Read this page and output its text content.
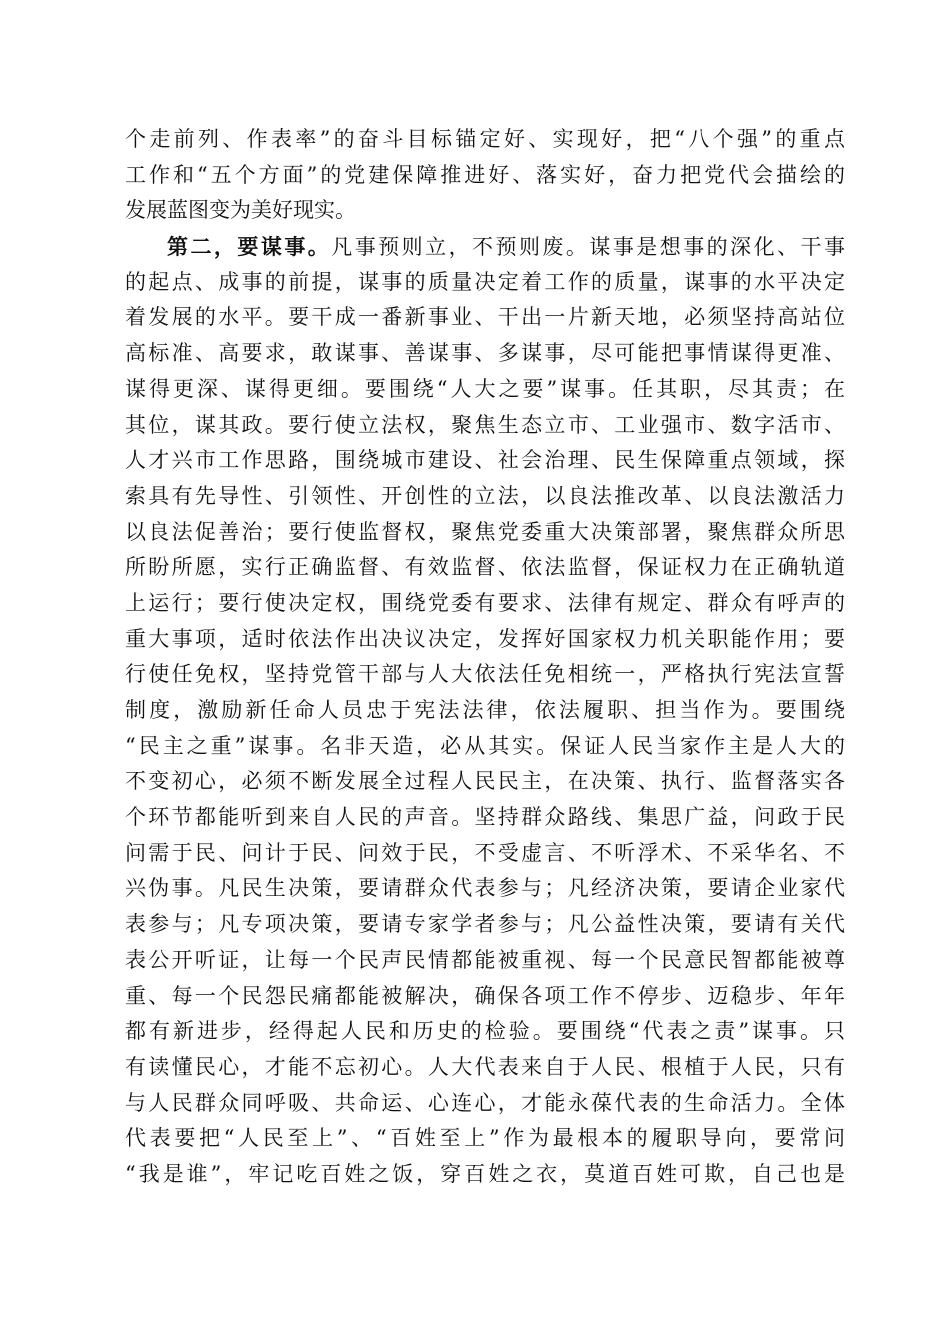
个走前列、作表率”的奋斗目标锚定好、实现好，把“八个强”的重点
工作和“五个方面”的党建保障推进好、落实好，奋力把党代会描绘的
发展蓝图变为美好现实。
第二，要谋事。凡事预则立，不预则废。谋事是想事的深化、干事
的起点、成事的前提，谋事的质量决定着工作的质量，谋事的水平决定
着发展的水平。要干成一番新事业、干出一片新天地，必须坚持高站位
高标准、高要求，敢谋事、善谋事、多谋事，尽可能把事情谋得更准、
谋得更深、谋得更细。要围绕“人大之要”谋事。任其职，尽其责；在
其位，谋其政。要行使立法权，聚焦生态立市、工业强市、数字活市、
人才兴市工作思路，围绕城市建设、社会治理、民生保障重点领域，探
索具有先导性、引领性、开创性的立法，以良法推改革、以良法激活力
以良法促善治；要行使监督权，聚焦党委重大决策部署，聚焦群众所思
所盼所愿，实行正确监督、有效监督、依法监督，保证权力在正确轨道
上运行；要行使决定权，围绕党委有要求、法律有规定、群众有呼声的
重大事项，适时依法作出决议决定，发挥好国家权力机关职能作用；要
行使任免权，坚持党管干部与人大依法任免相统一，严格执行宪法宣誓
制度，激励新任命人员忠于宪法法律，依法履职、担当作为。要围绕
“民主之重”谋事。名非天造，必从其实。保证人民当家作主是人大的
不变初心，必须不断发展全过程人民民主，在决策、执行、监督落实各
个环节都能听到来自人民的声音。坚持群众路线、集思广益，问政于民
问需于民、问计于民、问效于民，不受虚言、不听浮术、不采华名、不
兴伪事。凡民生决策，要请群众代表参与；凡经济决策，要请企业家代
表参与；凡专项决策，要请专家学者参与；凡公益性决策，要请有关代
表公开听证，让每一个民声民情都能被重视、每一个民意民智都能被尊
重、每一个民怨民痛都能被解决，确保各项工作不停步、迈稳步、年年
都有新进步，经得起人民和历史的检验。要围绕“代表之责”谋事。只
有读懂民心，才能不忘初心。人大代表来自于人民、根植于人民，只有
与人民群众同呼吸、共命运、心连心，才能永葆代表的生命活力。全体
代表要把“人民至上”、“百姓至上”作为最根本的履职导向，要常问
“我是谁”，牢记吃百姓之饭，穿百姓之衣，莫道百姓可欺，自己也是
